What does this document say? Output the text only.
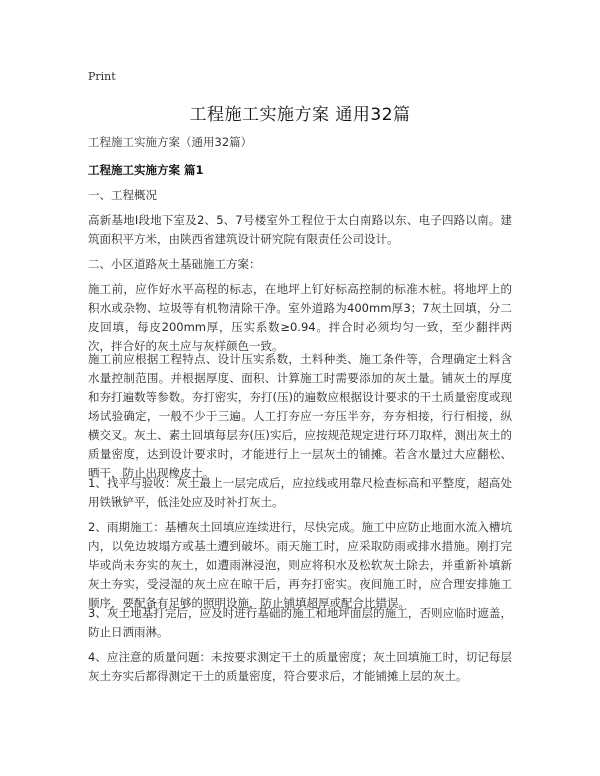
Print
工程施工实施方案 通用32篇

工程施工实施方案（通用32篇）

工程施工实施方案 篇1

一、工程概况

高新基地I段地下室及2、5、7号楼室外工程位于太白南路以东、电子四路以南。建筑面积平方米，由陕西省建筑设计研究院有限责任公司设计。

二、小区道路灰土基础施工方案：

施工前，应作好水平高程的标志，在地坪上钉好标高控制的标准木桩。将地坪上的积水或杂物、垃圾等有机物清除干净。室外道路为400mm厚3；7灰土回填，分二皮回填，每皮200mm厚，压实系数≥0.94。拌合时必须均匀一致，至少翻拌两次，拌合好的灰土应与灰样颜色一致。

施工前应根据工程特点、设计压实系数，土料种类、施工条件等，合理确定土料含水量控制范围。并根据厚度、面积、计算施工时需要添加的灰土量。铺灰土的厚度和夯打遍数等参数。夯打密实，夯打(压)的遍数应根据设计要求的干土质量密度或现场试验确定，一般不少于三遍。人工打夯应一夯压半夯，夯夯相接，行行相接，纵横交叉。灰土、素土回填每层夯(压)实后，应按规范规定进行环刀取样，测出灰土的质量密度，达到设计要求时，才能进行上一层灰土的铺摊。若含水量过大应翻松、晒干，防止出现橡皮土。

1、找平与验收：灰土最上一层完成后，应拉线或用靠尺检查标高和平整度，超高处用铁锹铲平，低洼处应及时补打灰土。

2、雨期施工：基槽灰土回填应连续进行，尽快完成。施工中应防止地面水流入槽坑内，以免边坡塌方或基土遭到破坏。雨天施工时，应采取防雨或排水措施。刚打完毕或尚未夯实的灰土，如遭雨淋浸泡，则应将积水及松软灰土除去，并重新补填新灰土夯实，受浸湿的灰土应在晾干后，再夯打密实。夜间施工时，应合理安排施工顺序，要配备有足够的照明设施，防止铺填超厚或配合比错误。

3、灰土地基打完后，应及时进行基础的施工和地坪面层的施工，否则应临时遮盖，防止日洒雨淋。

4、应注意的质量问题：未按要求测定干土的质量密度；灰土回填施工时，切记每层灰土夯实后都得测定干土的质量密度，符合要求后，才能铺摊上层的灰土。
